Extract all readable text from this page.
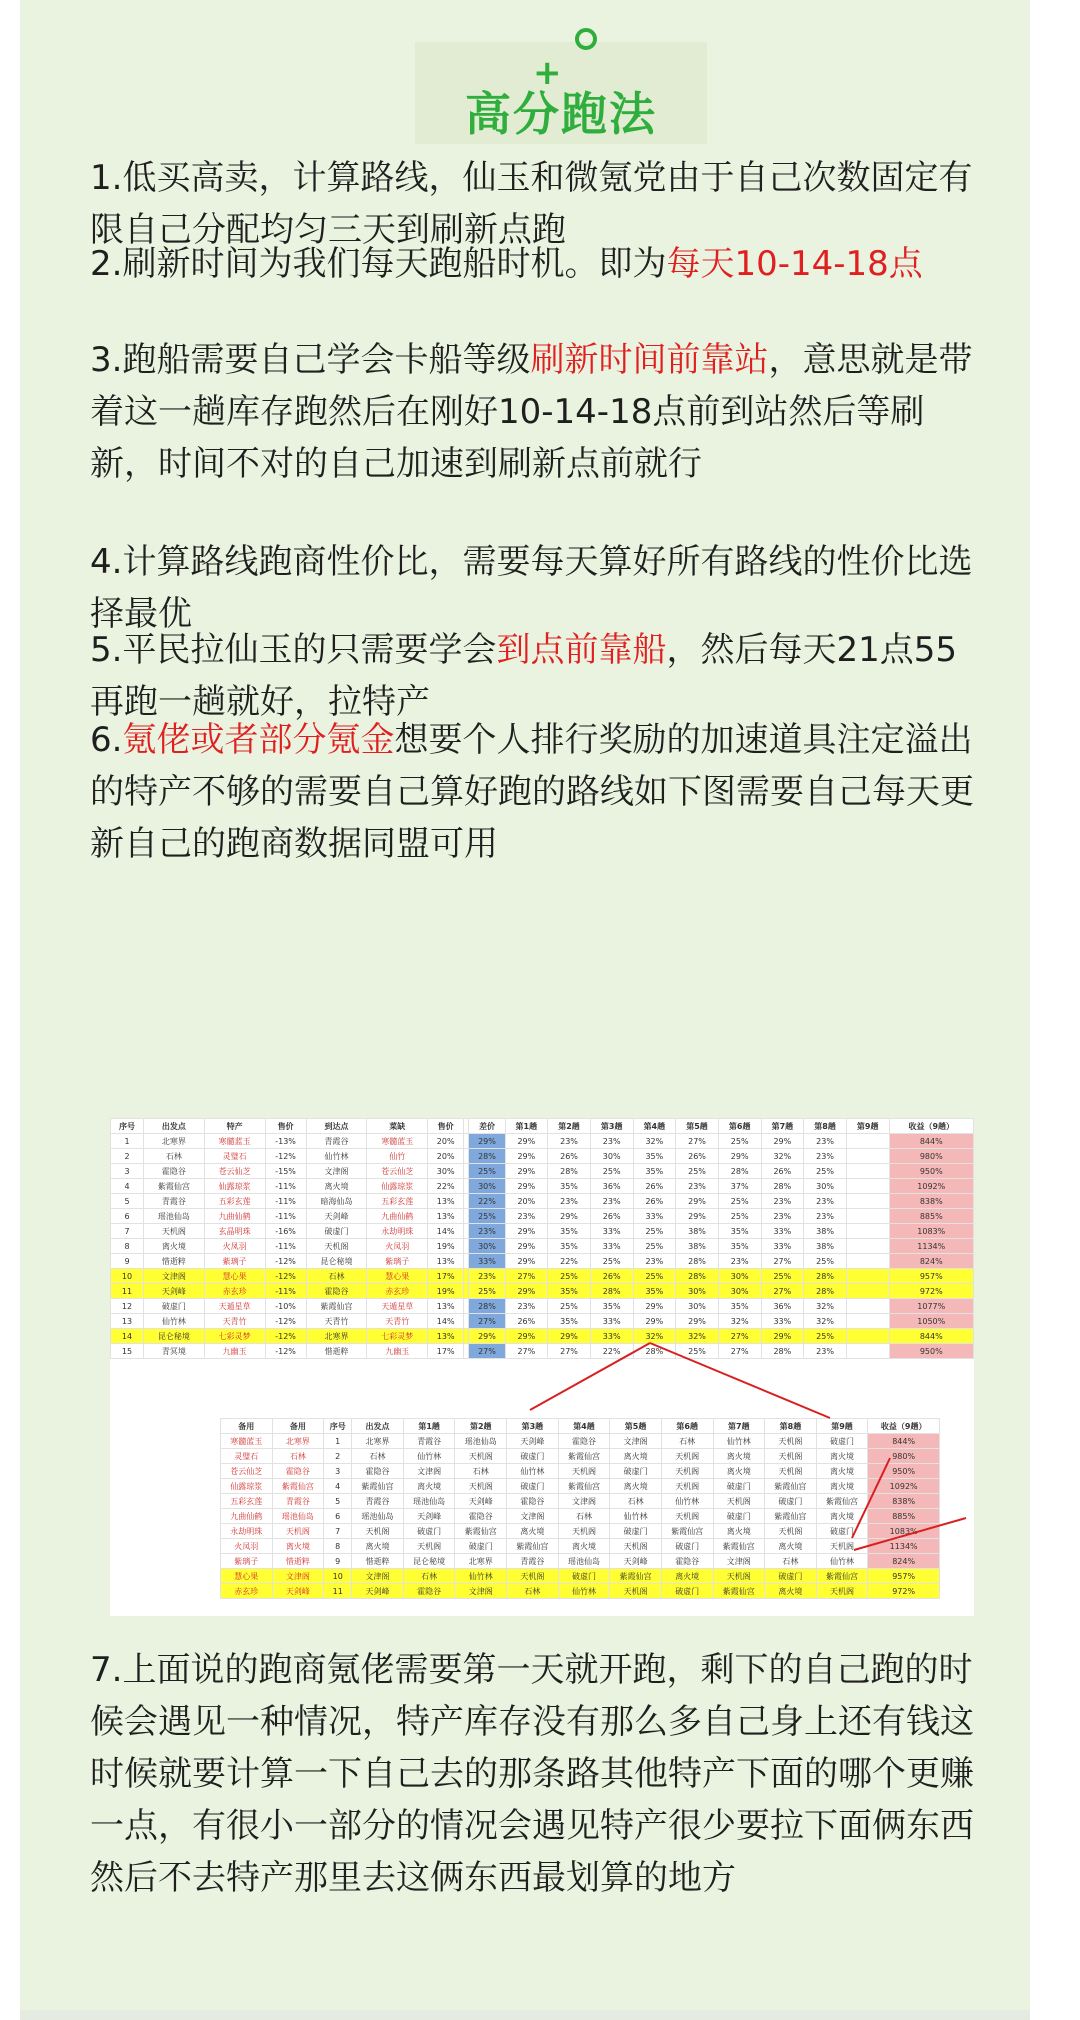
+
高分跑法

1.低买高卖，计算路线，仙玉和微氪党由于自己次数固定有限自己分配均匀三天到刷新点跑

2.刷新时间为我们每天跑船时机。即为每天10-14-18点

3.跑船需要自己学会卡船等级刷新时间前靠站，意思就是带着这一趟库存跑然后在刚好10-14-18点前到站然后等刷新，时间不对的自己加速到刷新点前就行

4.计算路线跑商性价比，需要每天算好所有路线的性价比选择最优

5.平民拉仙玉的只需要学会到点前靠船，然后每天21点55再跑一趟就好，拉特产

6.氪佬或者部分氪金想要个人排行奖励的加速道具注定溢出的特产不够的需要自己算好跑的路线如下图需要自己每天更新自己的跑商数据同盟可用

序号	出发点	特产	售价	到达点	菜缺	售价		差价	第1趟	第2趟	第3趟	第4趟	第5趟	第6趟	第7趟	第8趟	第9趟	收益（9趟）
1	北寒界	寒髓蓝玉	-13%	青霞谷	寒髓蓝玉	20%		29%	29%	23%	23%	32%	27%	25%	29%	23%		844%
2	石林	灵璧石	-12%	仙竹林	仙竹	20%		28%	29%	26%	30%	35%	26%	29%	32%	23%		980%
3	霍隐谷	苍云仙芝	-15%	文津阁	苍云仙芝	30%		25%	29%	28%	25%	35%	25%	28%	26%	25%		950%
4	紫霞仙宫	仙露琼浆	-11%	离火境	仙露琼浆	22%		30%	29%	35%	36%	26%	23%	37%	28%	30%		1092%
5	青霞谷	五彩玄莲	-11%	暗海仙岛	五彩玄莲	13%		22%	20%	23%	23%	26%	29%	25%	23%	23%		838%
6	瑶池仙岛	九曲仙鹤	-11%	天剑峰	九曲仙鹤	13%		25%	23%	29%	26%	33%	29%	25%	23%	23%		885%
7	天机阁	玄晶明珠	-16%	破虚门	永劫明珠	14%		23%	29%	35%	33%	25%	38%	35%	33%	38%		1083%
8	离火境	火凤羽	-11%	天机阁	火凤羽	19%		30%	29%	35%	33%	25%	38%	35%	33%	38%		1134%
9	惜逝粹	紫璃子	-12%	昆仑秘境	紫璃子	13%		33%	29%	22%	25%	23%	28%	23%	27%	25%		824%
10	文津阁	慧心果	-12%	石林	慧心果	17%		23%	27%	25%	26%	25%	28%	30%	25%	28%		957%
11	天剑峰	赤玄珍	-11%	霍隐谷	赤玄珍	19%		25%	29%	35%	28%	35%	30%	30%	27%	28%		972%
12	破虚门	天遁星草	-10%	紫霞仙宫	天遁星草	13%		28%	23%	25%	35%	29%	30%	35%	36%	32%		1077%
13	仙竹林	天青竹	-12%	天青竹	天青竹	14%		27%	26%	35%	33%	29%	29%	32%	33%	32%		1050%
14	昆仑秘境	七彩灵梦	-12%	北寒界	七彩灵梦	13%		29%	29%	29%	33%	32%	32%	27%	29%	25%		844%
15	青冥境	九幽玉	-12%	惜逝粹	九幽玉	17%		27%	27%	27%	22%	28%	25%	27%	28%	23%		950%
备用	备用	序号	出发点	第1趟	第2趟	第3趟	第4趟	第5趟	第6趟	第7趟	第8趟	第9趟	收益（9趟）
寒髓蓝玉	北寒界	1	北寒界	青霞谷	瑶池仙岛	天剑峰	霍隐谷	文津阁	石林	仙竹林	天机阁	破虚门	844%
灵璧石	石林	2	石林	仙竹林	天机阁	破虚门	紫霞仙宫	离火境	天机阁	离火境	天机阁	离火境	980%
苍云仙芝	霍隐谷	3	霍隐谷	文津阁	石林	仙竹林	天机阁	破虚门	天机阁	离火境	天机阁	离火境	950%
仙露琼浆	紫霞仙宫	4	紫霞仙宫	离火境	天机阁	破虚门	紫霞仙宫	离火境	天机阁	破虚门	紫霞仙宫	离火境	1092%
五彩玄莲	青霞谷	5	青霞谷	瑶池仙岛	天剑峰	霍隐谷	文津阁	石林	仙竹林	天机阁	破虚门	紫霞仙宫	838%
九曲仙鹤	瑶池仙岛	6	瑶池仙岛	天剑峰	霍隐谷	文津阁	石林	仙竹林	天机阁	破虚门	紫霞仙宫	离火境	885%
永劫明珠	天机阁	7	天机阁	破虚门	紫霞仙宫	离火境	天机阁	破虚门	紫霞仙宫	离火境	天机阁	破虚门	1083%
火凤羽	离火境	8	离火境	天机阁	破虚门	紫霞仙宫	离火境	天机阁	破虚门	紫霞仙宫	离火境	天机阁	1134%
紫璃子	惜逝粹	9	惜逝粹	昆仑秘境	北寒界	青霞谷	瑶池仙岛	天剑峰	霍隐谷	文津阁	石林	仙竹林	824%
慧心果	文津阁	10	文津阁	石林	仙竹林	天机阁	破虚门	紫霞仙宫	离火境	天机阁	破虚门	紫霞仙宫	957%
赤玄珍	天剑峰	11	天剑峰	霍隐谷	文津阁	石林	仙竹林	天机阁	破虚门	紫霞仙宫	离火境	天机阁	972%

7.上面说的跑商氪佬需要第一天就开跑，剩下的自己跑的时候会遇见一种情况，特产库存没有那么多自己身上还有钱这时候就要计算一下自己去的那条路其他特产下面的哪个更赚一点，有很小一部分的情况会遇见特产很少要拉下面俩东西然后不去特产那里去这俩东西最划算的地方
